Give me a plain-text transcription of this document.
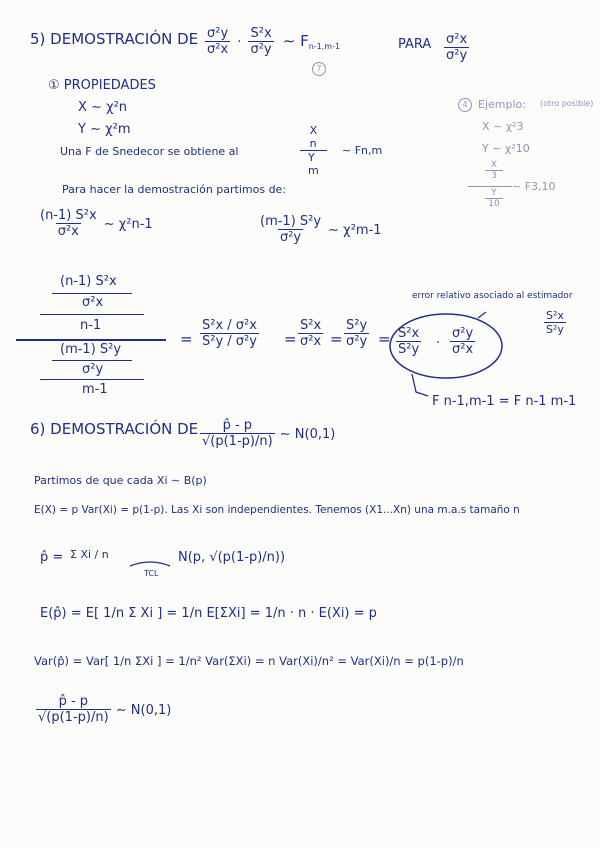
5) DEMOSTRACIÓN DE $\frac{\text{σ²y}}{\text{σ²x}} \cdot \frac{\text{S²x}}{\text{σ²y}}$ ∼ $F_{n-1,m-1}$
7
PARA $\frac{\text{σ²x}}{\text{σ²y}}$
① PROPIEDADES
X ∼ χ²n
Y ∼ χ²m
Una F de Snedecor se obtiene al
X
n
Y
m
∼ Fn,m
4 Ejemplo: (otro posible)
X ∼ χ²3
Y ∼ χ²10
X
3
Y
10
∼ F3,10
Para hacer la demostración partimos de:
$\frac{\text{(n-1) S²x}}{\text{σ²x}}$ ∼ χ²n-1	$\frac{\text{(m-1) S²y}}{\text{σ²y}}$ ∼ χ²m-1
(n-1) S²x
σ²x
n-1
(m-1) S²y
σ²y
m-1
= $\frac{\text{S²x / σ²x}}{\text{S²y / σ²y}} = \frac{\text{S²x}}{\text{σ²x}} = \frac{\text{S²y}}{\text{σ²y}} = \frac{\text{S²x}}{\text{S²y}} \cdot \frac{\text{σ²y}}{\text{σ²x}}$
error relativo asociado al estimador
$\frac{\text{S²x}}{\text{S²y}}$
F n-1,m-1 = F n-1 m-1
6) DEMOSTRACIÓN DE $\frac{p̂ - p}{√(p(1-p)/n)}$ ∼ N(0,1)
Partimos de que cada Xi ∼ B(p)
E(X) = p Var(Xi) = p(1-p). Las Xi son independientes. Tenemos (X1...Xn) una m.a.s tamaño n
p̂ = Σ Xi / n
TCL
N(p, √(p(1-p)/n))
E(p̂) = E[ 1/n Σ Xi ] = 1/n E[ΣXi] = 1/n · n · E(Xi) = p
Var(p̂) = Var[ 1/n ΣXi ] = 1/n² Var(ΣXi) = n Var(Xi)/n² = Var(Xi)/n = p(1-p)/n
$\frac{p̂ - p}{√(p(1-p)/n)}$ ∼ N(0,1)
